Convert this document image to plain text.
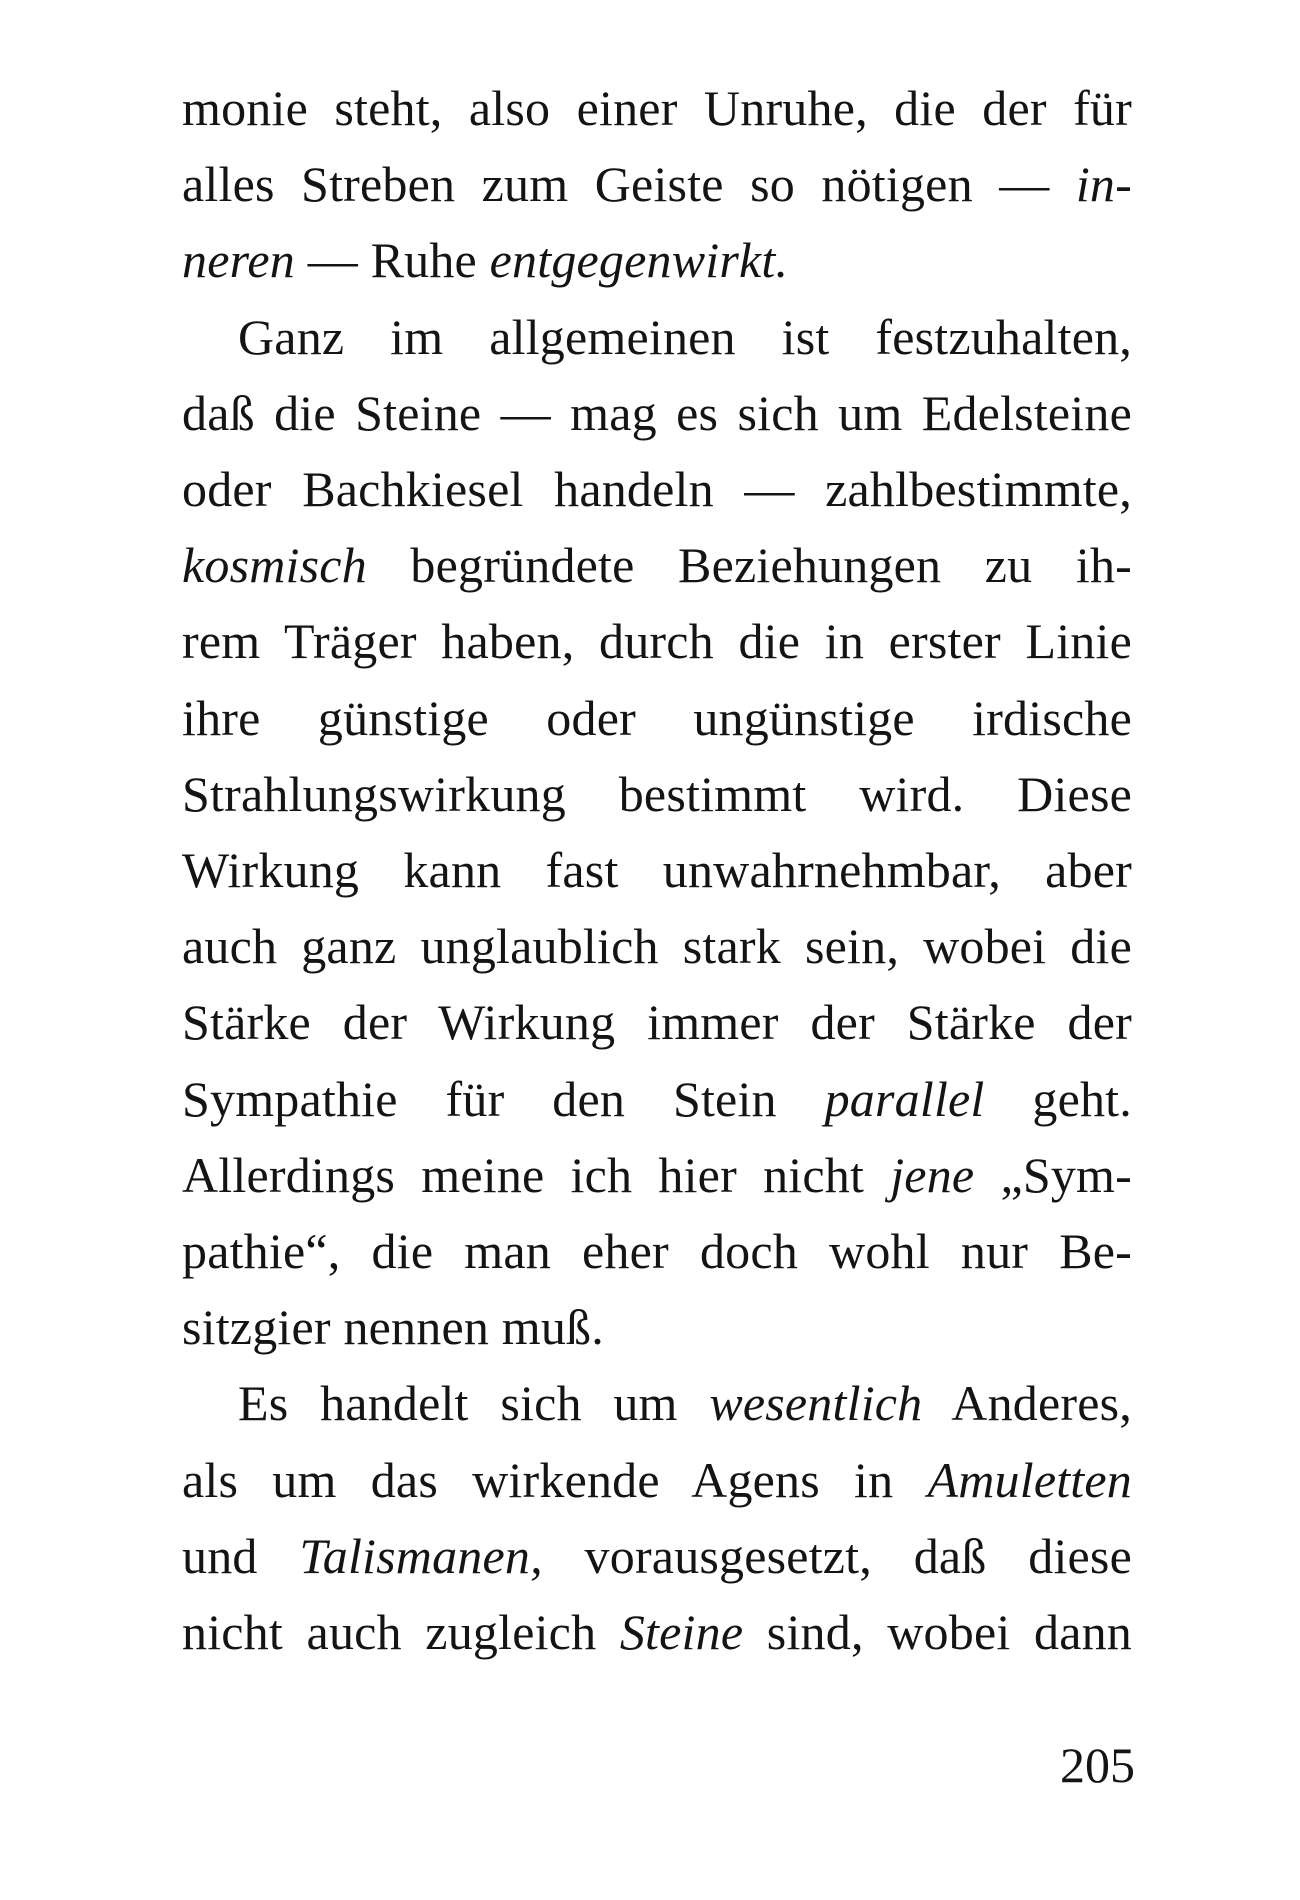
monie steht, also einer Unruhe, die der für
alles Streben zum Geiste so nötigen — in-
neren — Ruhe entgegenwirkt.
Ganz im allgemeinen ist festzuhalten,
daß die Steine — mag es sich um Edelsteine
oder Bachkiesel handeln — zahlbestimmte,
kosmisch begründete Beziehungen zu ih-
rem Träger haben, durch die in erster Linie
ihre günstige oder ungünstige irdische
Strahlungswirkung bestimmt wird. Diese
Wirkung kann fast unwahrnehmbar, aber
auch ganz unglaublich stark sein, wobei die
Stärke der Wirkung immer der Stärke der
Sympathie für den Stein parallel geht.
Allerdings meine ich hier nicht jene „Sym-
pathie“, die man eher doch wohl nur Be-
sitzgier nennen muß.
Es handelt sich um wesentlich Anderes,
als um das wirkende Agens in Amuletten
und Talismanen, vorausgesetzt, daß diese
nicht auch zugleich Steine sind, wobei dann
205
